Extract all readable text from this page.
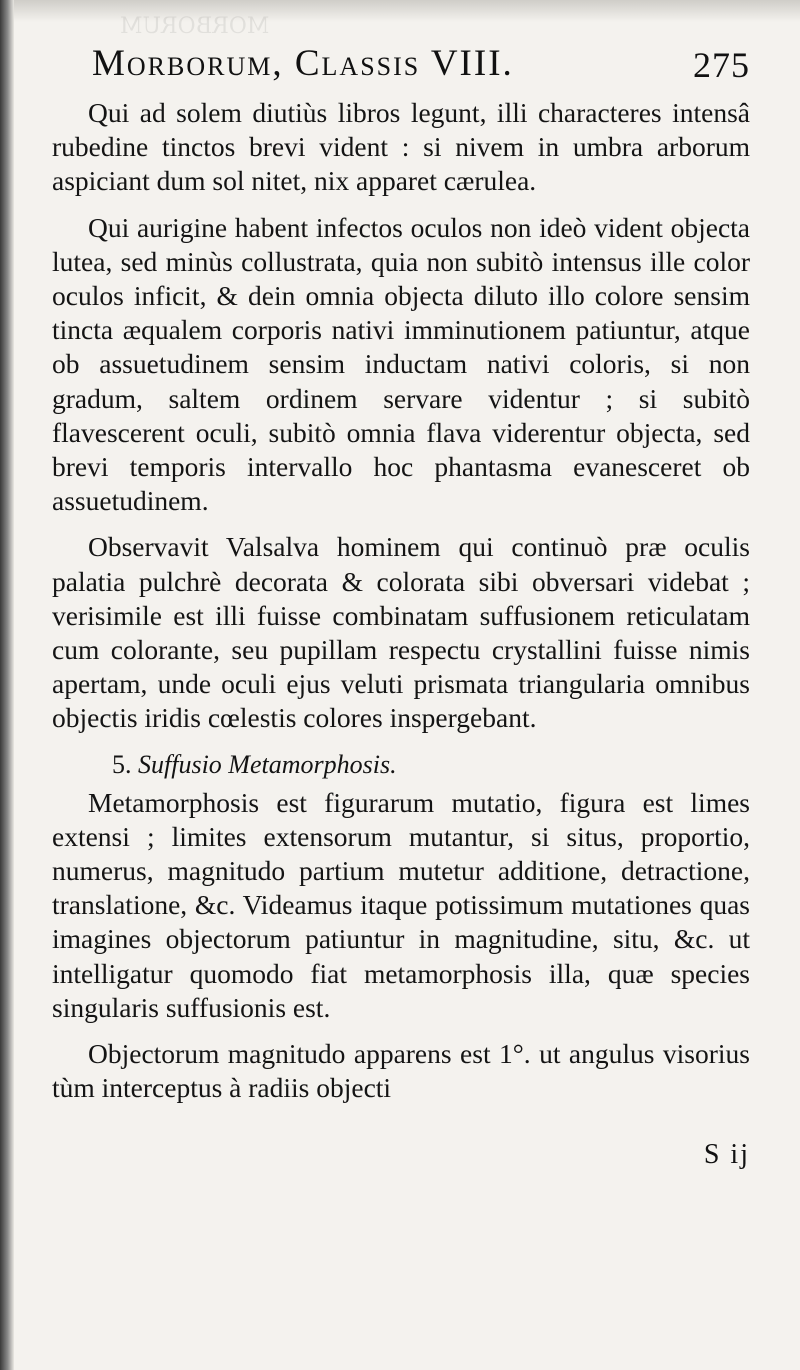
MORBORUM
Morborum, Classis VIII.	275

Qui ad solem diutiùs libros legunt, illi characteres intensâ rubedine tinctos brevi vident : si nivem in umbra arborum aspiciant dum sol nitet, nix apparet cærulea.

Qui aurigine habent infectos oculos non ideò vident objecta lutea, sed minùs collustrata, quia non subitò intensus ille color oculos inficit, & dein omnia objecta diluto illo colore sensim tincta æqualem corporis nativi imminutionem patiuntur, atque ob assuetudinem sensim inductam nativi coloris, si non gradum, saltem ordinem servare videntur ; si subitò flavescerent oculi, subitò omnia flava viderentur objecta, sed brevi temporis intervallo hoc phantasma evanesceret ob assuetudinem.

Observavit Valsalva hominem qui continuò præ oculis palatia pulchrè decorata & colorata sibi obversari videbat ; verisimile est illi fuisse combinatam suffusionem reticulatam cum colorante, seu pupillam respectu crystallini fuisse nimis apertam, unde oculi ejus veluti prismata triangularia omnibus objectis iridis cœlestis colores inspergebant.

5. Suffusio Metamorphosis.

Metamorphosis est figurarum mutatio, figura est limes extensi ; limites extensorum mutantur, si situs, proportio, numerus, magnitudo partium mutetur additione, detractione, translatione, &c. Videamus itaque potissimum mutationes quas imagines objectorum patiuntur in magnitudine, situ, &c. ut intelligatur quomodo fiat metamorphosis illa, quæ species singularis suffusionis est.

Objectorum magnitudo apparens est 1°. ut angulus visorius tùm interceptus à radiis objecti

S ij
